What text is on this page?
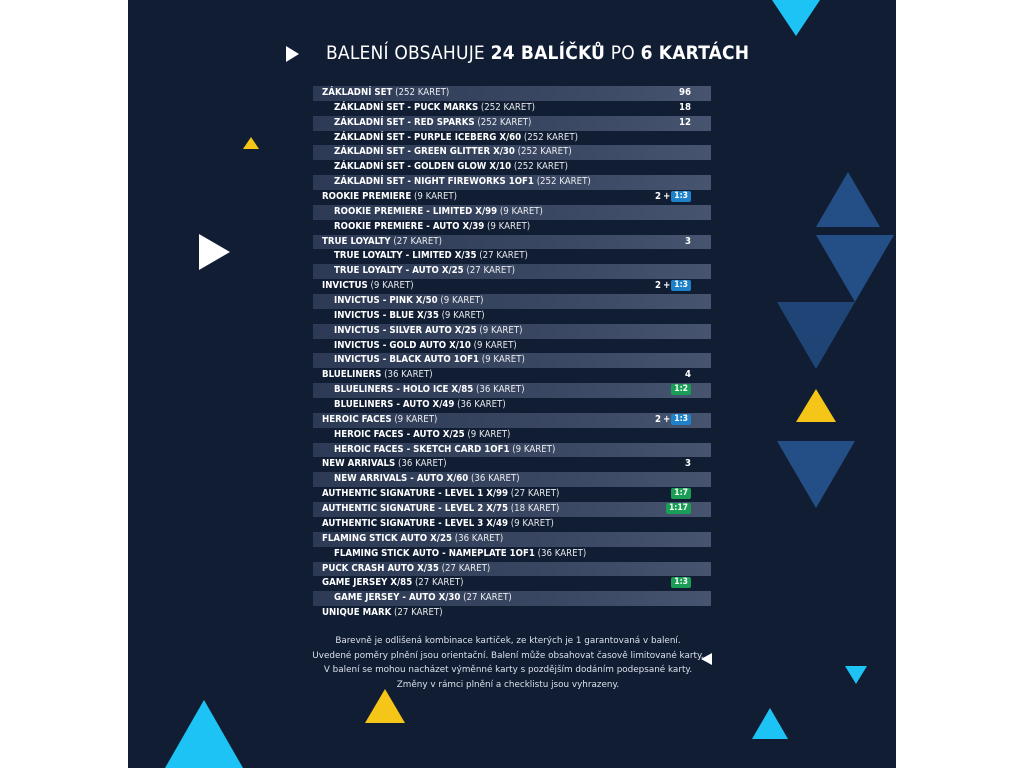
BALENÍ OBSAHUJE 24 BALÍČKŮ PO 6 KARTÁCH
ZÁKLADNÍ SET (252 KARET)	96
ZÁKLADNÍ SET - PUCK MARKS (252 KARET)	18
ZÁKLADNÍ SET - RED SPARKS (252 KARET)	12
ZÁKLADNÍ SET - PURPLE ICEBERG X/60 (252 KARET)
ZÁKLADNÍ SET - GREEN GLITTER X/30 (252 KARET)
ZÁKLADNÍ SET - GOLDEN GLOW X/10 (252 KARET)
ZÁKLADNÍ SET - NIGHT FIREWORKS 1OF1 (252 KARET)
ROOKIE PREMIERE (9 KARET)	2 + 1:3
ROOKIE PREMIERE - LIMITED X/99 (9 KARET)
ROOKIE PREMIERE - AUTO X/39 (9 KARET)
TRUE LOYALTY (27 KARET)	3
TRUE LOYALTY - LIMITED X/35 (27 KARET)
TRUE LOYALTY - AUTO X/25 (27 KARET)
INVICTUS (9 KARET)	2 + 1:3
INVICTUS - PINK X/50 (9 KARET)
INVICTUS - BLUE X/35 (9 KARET)
INVICTUS - SILVER AUTO X/25 (9 KARET)
INVICTUS - GOLD AUTO X/10 (9 KARET)
INVICTUS - BLACK AUTO 1OF1 (9 KARET)
BLUELINERS (36 KARET)	4
BLUELINERS - HOLO ICE X/85 (36 KARET)	1:2
BLUELINERS - AUTO X/49 (36 KARET)
HEROIC FACES (9 KARET)	2 + 1:3
HEROIC FACES - AUTO X/25 (9 KARET)
HEROIC FACES - SKETCH CARD 1OF1 (9 KARET)
NEW ARRIVALS (36 KARET)	3
NEW ARRIVALS - AUTO X/60 (36 KARET)
AUTHENTIC SIGNATURE - LEVEL 1 X/99 (27 KARET)	1:7
AUTHENTIC SIGNATURE - LEVEL 2 X/75 (18 KARET)	1:17
AUTHENTIC SIGNATURE - LEVEL 3 X/49 (9 KARET)
FLAMING STICK AUTO X/25 (36 KARET)
FLAMING STICK AUTO - NAMEPLATE 1OF1 (36 KARET)
PUCK CRASH AUTO X/35 (27 KARET)
GAME JERSEY X/85 (27 KARET)	1:3
GAME JERSEY - AUTO X/30 (27 KARET)
UNIQUE MARK (27 KARET)

Barevně je odlišená kombinace kartiček, ze kterých je 1 garantovaná v balení.

Uvedené poměry plnění jsou orientační. Balení může obsahovat časově limitované karty.

V balení se mohou nacházet výměnné karty s pozdějším dodáním podepsané karty.

Změny v rámci plnění a checklistu jsou vyhrazeny.
